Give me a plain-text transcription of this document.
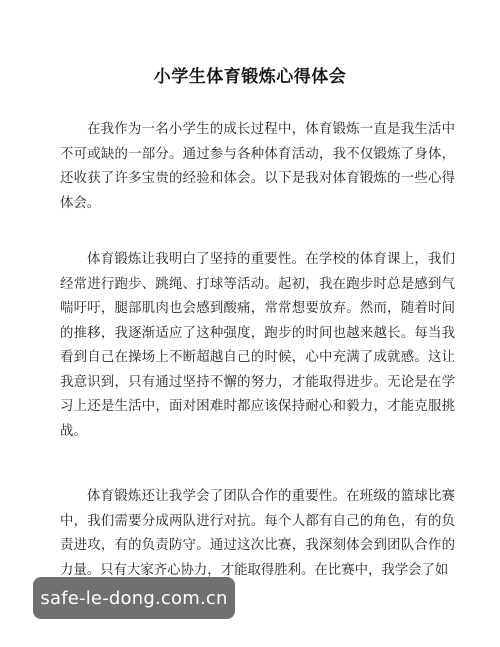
小学生体育锻炼心得体会

在我作为一名小学生的成长过程中，体育锻炼一直是我生活中不可或缺的一部分。通过参与各种体育活动，我不仅锻炼了身体，还收获了许多宝贵的经验和体会。以下是我对体育锻炼的一些心得体会。

体育锻炼让我明白了坚持的重要性。在学校的体育课上，我们经常进行跑步、跳绳、打球等活动。起初，我在跑步时总是感到气喘吁吁，腿部肌肉也会感到酸痛，常常想要放弃。然而，随着时间的推移，我逐渐适应了这种强度，跑步的时间也越来越长。每当我看到自己在操场上不断超越自己的时候，心中充满了成就感。这让我意识到，只有通过坚持不懈的努力，才能取得进步。无论是在学习上还是生活中，面对困难时都应该保持耐心和毅力，才能克服挑战。

体育锻炼还让我学会了团队合作的重要性。在班级的篮球比赛中，我们需要分成两队进行对抗。每个人都有自己的角色，有的负责进攻，有的负责防守。通过这次比赛，我深刻体会到团队合作的力量。只有大家齐心协力，才能取得胜利。在比赛中，我学会了如

safe-le-dong.com.cn
